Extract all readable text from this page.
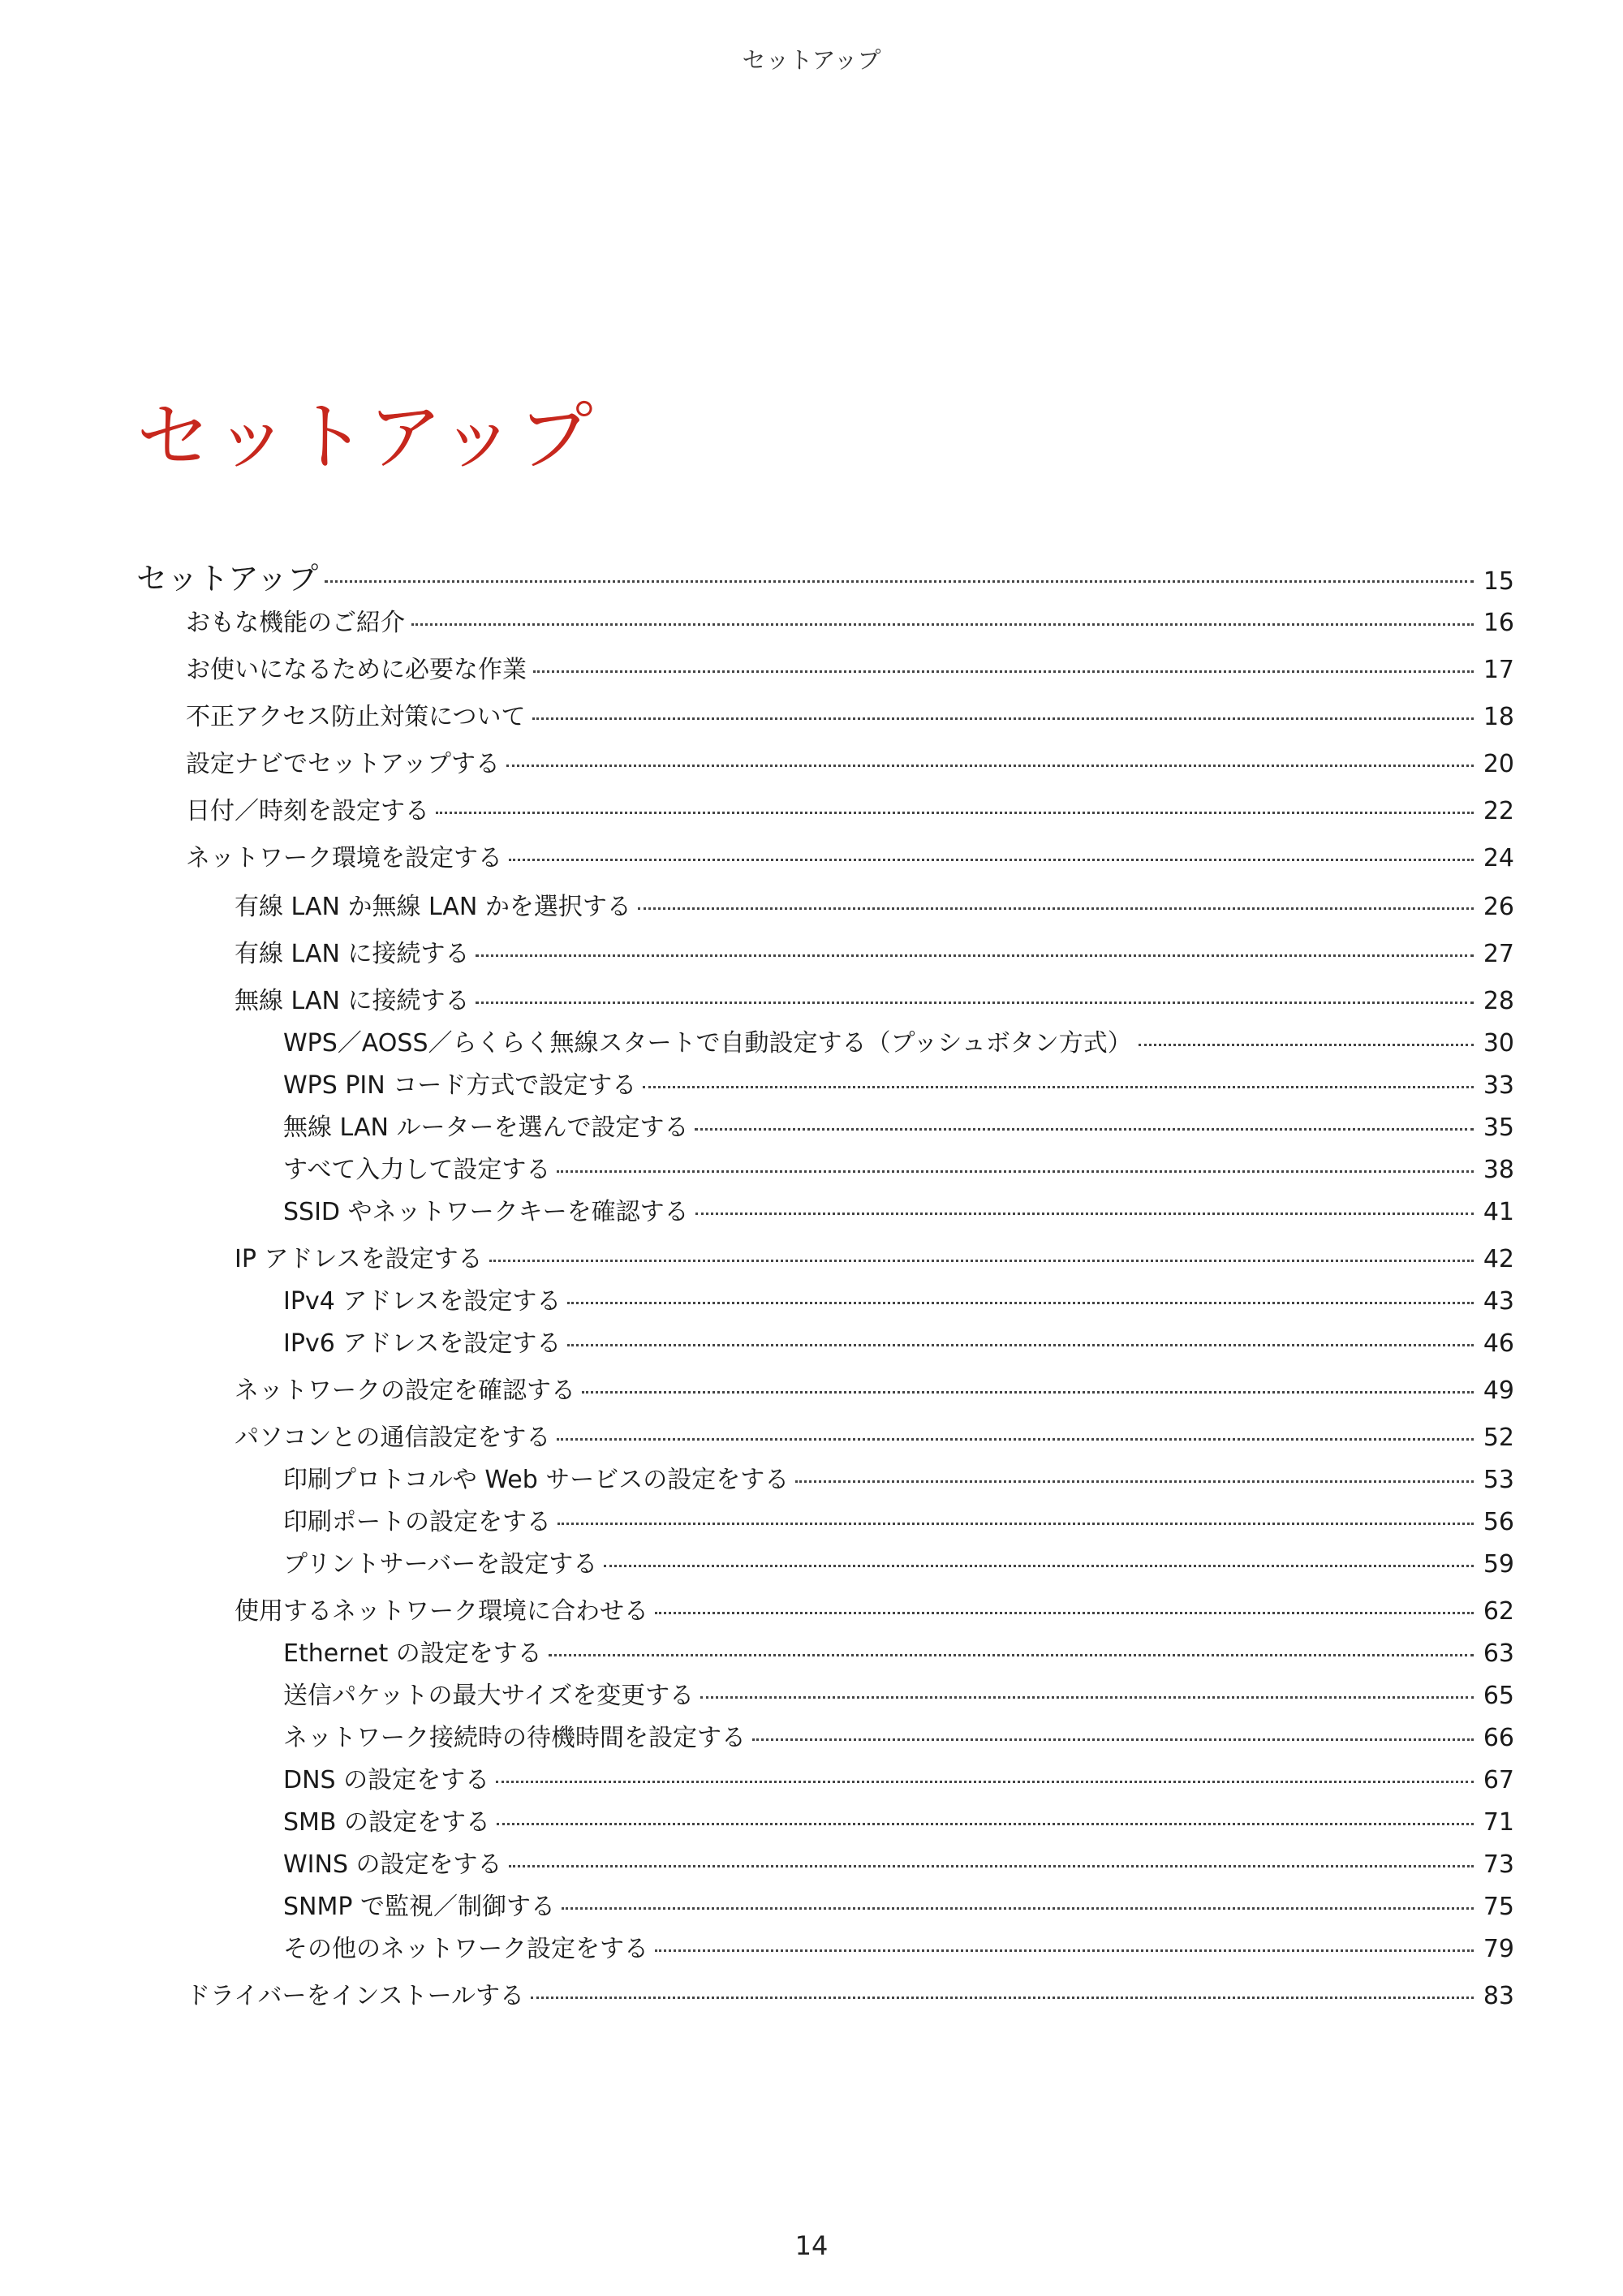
セットアップ
セットアップ
セットアップ	15
おもな機能のご紹介	16
お使いになるために必要な作業	17
不正アクセス防止対策について	18
設定ナビでセットアップする	20
日付／時刻を設定する	22
ネットワーク環境を設定する	24
有線 LAN か無線 LAN かを選択する	26
有線 LAN に接続する	27
無線 LAN に接続する	28
WPS／AOSS／らくらく無線スタートで自動設定する（プッシュボタン方式）	30
WPS PIN コード方式で設定する	33
無線 LAN ルーターを選んで設定する	35
すべて入力して設定する	38
SSID やネットワークキーを確認する	41
IP アドレスを設定する	42
IPv4 アドレスを設定する	43
IPv6 アドレスを設定する	46
ネットワークの設定を確認する	49
パソコンとの通信設定をする	52
印刷プロトコルや Web サービスの設定をする	53
印刷ポートの設定をする	56
プリントサーバーを設定する	59
使用するネットワーク環境に合わせる	62
Ethernet の設定をする	63
送信パケットの最大サイズを変更する	65
ネットワーク接続時の待機時間を設定する	66
DNS の設定をする	67
SMB の設定をする	71
WINS の設定をする	73
SNMP で監視／制御する	75
その他のネットワーク設定をする	79
ドライバーをインストールする	83
14
